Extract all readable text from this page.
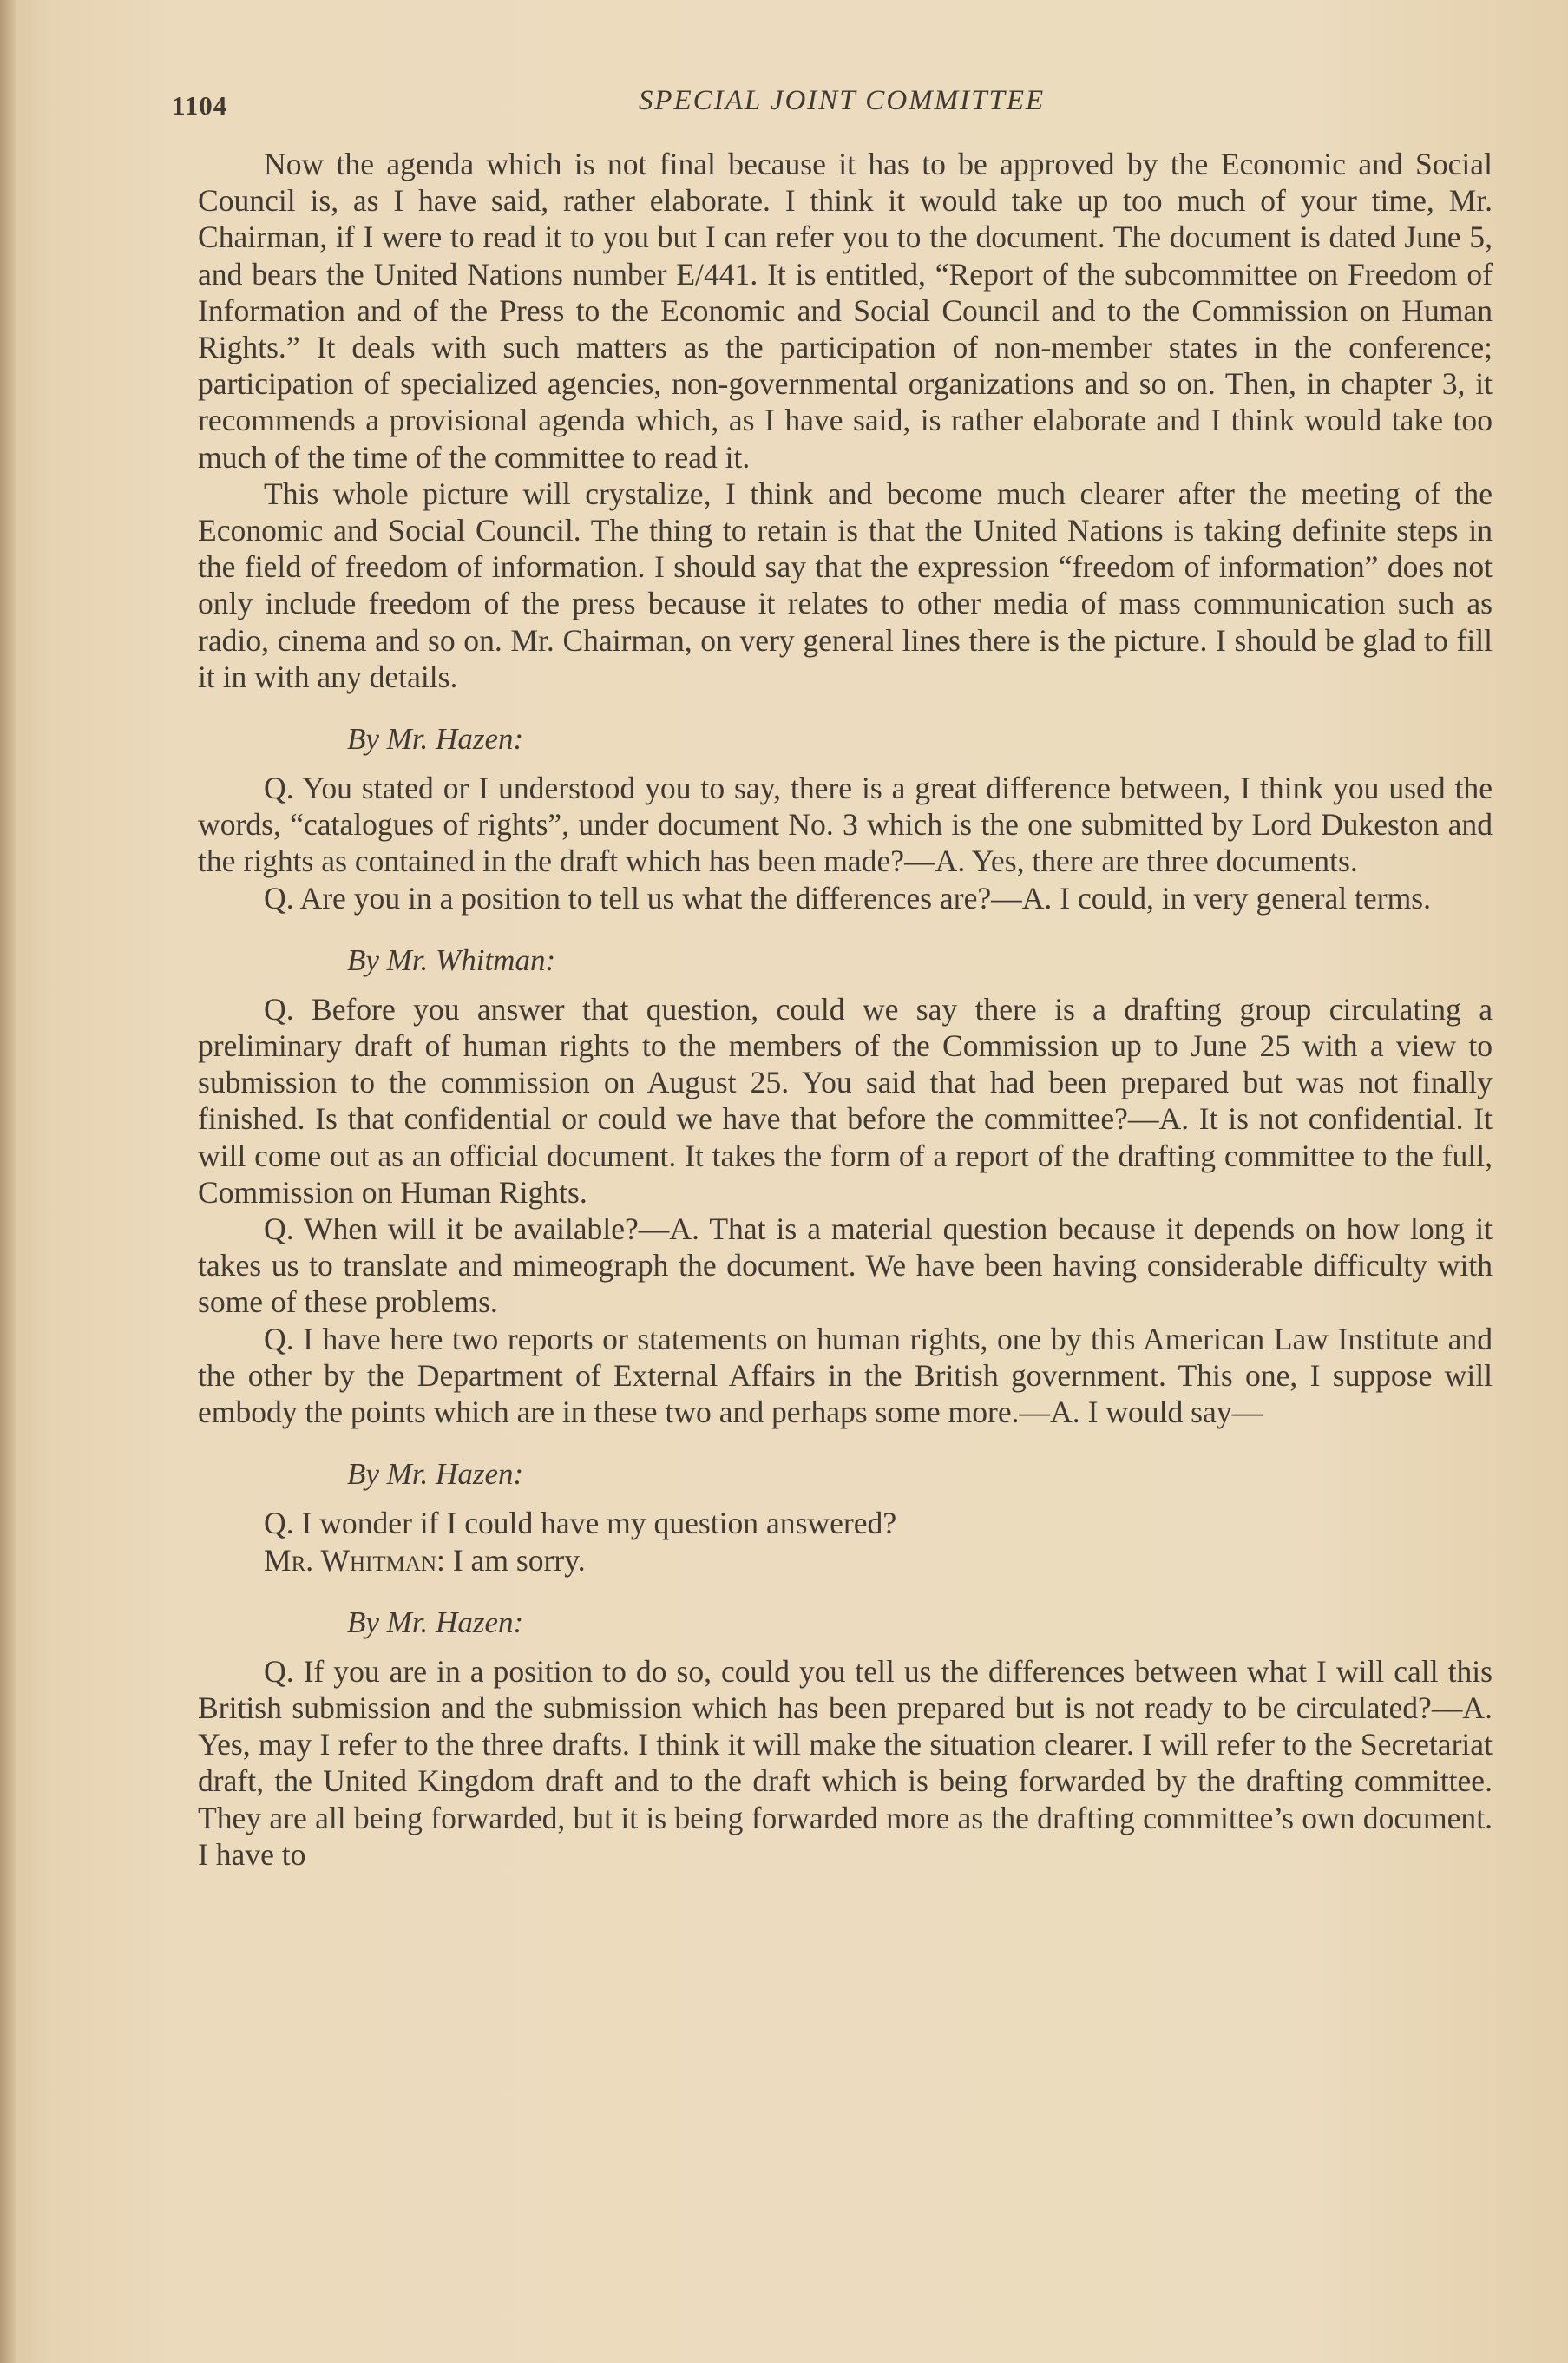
1104	SPECIAL JOINT COMMITTEE

Now the agenda which is not final because it has to be approved by the Economic and Social Council is, as I have said, rather elaborate. I think it would take up too much of your time, Mr. Chairman, if I were to read it to you but I can refer you to the document. The document is dated June 5, and bears the United Nations number E/441. It is entitled, “Report of the subcommittee on Freedom of Information and of the Press to the Economic and Social Council and to the Commission on Human Rights.” It deals with such matters as the participation of non-member states in the conference; participation of specialized agencies, non-governmental organizations and so on. Then, in chapter 3, it recommends a provisional agenda which, as I have said, is rather elaborate and I think would take too much of the time of the committee to read it.

This whole picture will crystalize, I think and become much clearer after the meeting of the Economic and Social Council. The thing to retain is that the United Nations is taking definite steps in the field of freedom of information. I should say that the expression “freedom of information” does not only include freedom of the press because it relates to other media of mass communication such as radio, cinema and so on. Mr. Chairman, on very general lines there is the picture. I should be glad to fill it in with any details.

By Mr. Hazen:

Q. You stated or I understood you to say, there is a great difference between, I think you used the words, “catalogues of rights”, under document No. 3 which is the one submitted by Lord Dukeston and the rights as contained in the draft which has been made?—A. Yes, there are three documents.

Q. Are you in a position to tell us what the differences are?—A. I could, in very general terms.

By Mr. Whitman:

Q. Before you answer that question, could we say there is a drafting group circulating a preliminary draft of human rights to the members of the Commission up to June 25 with a view to submission to the commission on August 25. You said that had been prepared but was not finally finished. Is that confidential or could we have that before the committee?—A. It is not confidential. It will come out as an official document. It takes the form of a report of the drafting committee to the full, Commission on Human Rights.

Q. When will it be available?—A. That is a material question because it depends on how long it takes us to translate and mimeograph the document. We have been having considerable difficulty with some of these problems.

Q. I have here two reports or statements on human rights, one by this American Law Institute and the other by the Department of External Affairs in the British government. This one, I suppose will embody the points which are in these two and perhaps some more.—A. I would say—

By Mr. Hazen:

Q. I wonder if I could have my question answered?

Mr. Whitman: I am sorry.

By Mr. Hazen:

Q. If you are in a position to do so, could you tell us the differences between what I will call this British submission and the submission which has been prepared but is not ready to be circulated?—A. Yes, may I refer to the three drafts. I think it will make the situation clearer. I will refer to the Secretariat draft, the United Kingdom draft and to the draft which is being forwarded by the drafting committee. They are all being forwarded, but it is being forwarded more as the drafting committee’s own document. I have to
